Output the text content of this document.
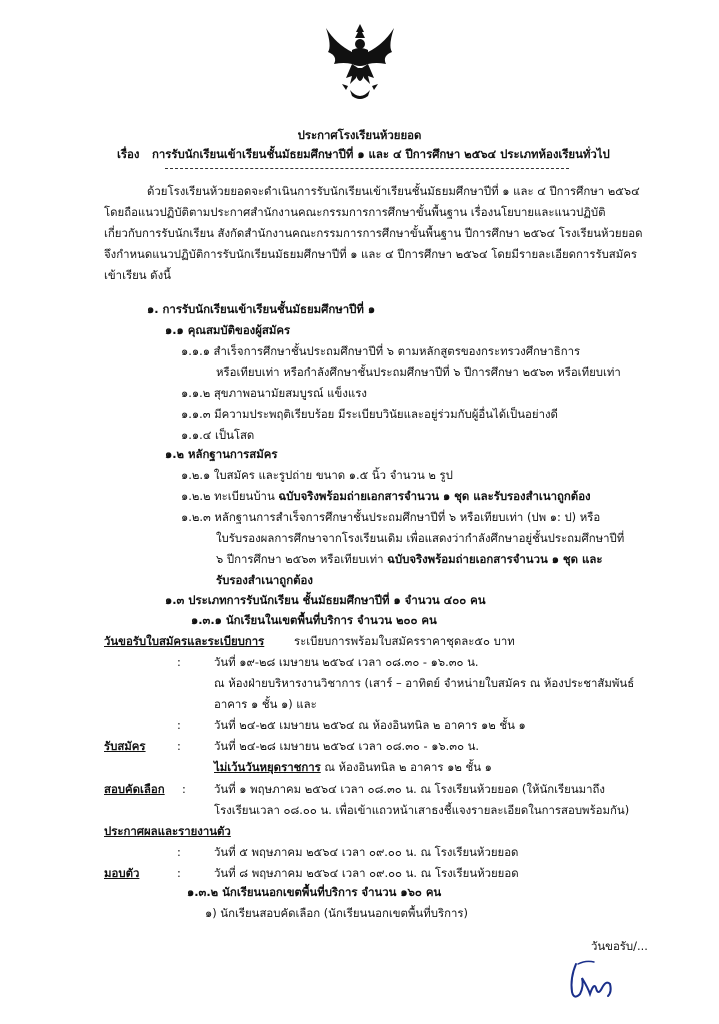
ประกาศโรงเรียนห้วยยอด
เรื่อง การรับนักเรียนเข้าเรียนชั้นมัธยมศึกษาปีที่ ๑ และ ๔ ปีการศึกษา ๒๕๖๔ ประเภทห้องเรียนทั่วไป
ด้วยโรงเรียนห้วยยอดจะดำเนินการรับนักเรียนเข้าเรียนชั้นมัธยมศึกษาปีที่ ๑ และ ๔ ปีการศึกษา ๒๕๖๔
โดยถือแนวปฏิบัติตามประกาศสำนักงานคณะกรรมการการศึกษาขั้นพื้นฐาน เรื่องนโยบายและแนวปฏิบัติ
เกี่ยวกับการรับนักเรียน สังกัดสำนักงานคณะกรรมการการศึกษาขั้นพื้นฐาน ปีการศึกษา ๒๕๖๔ โรงเรียนห้วยยอด
จึงกำหนดแนวปฏิบัติการรับนักเรียนมัธยมศึกษาปีที่ ๑ และ ๔ ปีการศึกษา ๒๕๖๔ โดยมีรายละเอียดการรับสมัคร
เข้าเรียน ดังนี้
๑. การรับนักเรียนเข้าเรียนชั้นมัธยมศึกษาปีที่ ๑
๑.๑ คุณสมบัติของผู้สมัคร
๑.๑.๑ สำเร็จการศึกษาชั้นประถมศึกษาปีที่ ๖ ตามหลักสูตรของกระทรวงศึกษาธิการ
หรือเทียบเท่า หรือกำลังศึกษาชั้นประถมศึกษาปีที่ ๖ ปีการศึกษา ๒๕๖๓ หรือเทียบเท่า
๑.๑.๒ สุขภาพอนามัยสมบูรณ์ แข็งแรง
๑.๑.๓ มีความประพฤติเรียบร้อย มีระเบียบวินัยและอยู่ร่วมกับผู้อื่นได้เป็นอย่างดี
๑.๑.๔ เป็นโสด
๑.๒ หลักฐานการสมัคร
๑.๒.๑ ใบสมัคร และรูปถ่าย ขนาด ๑.๕ นิ้ว จำนวน ๒ รูป
๑.๒.๒ ทะเบียนบ้าน ฉบับจริงพร้อมถ่ายเอกสารจำนวน ๑ ชุด และรับรองสำเนาถูกต้อง
๑.๒.๓ หลักฐานการสำเร็จการศึกษาชั้นประถมศึกษาปีที่ ๖ หรือเทียบเท่า (ปพ ๑: ป) หรือ
ใบรับรองผลการศึกษาจากโรงเรียนเดิม เพื่อแสดงว่ากำลังศึกษาอยู่ชั้นประถมศึกษาปีที่
๖ ปีการศึกษา ๒๕๖๓ หรือเทียบเท่า ฉบับจริงพร้อมถ่ายเอกสารจำนวน ๑ ชุด และ
รับรองสำเนาถูกต้อง
๑.๓ ประเภทการรับนักเรียน ชั้นมัธยมศึกษาปีที่ ๑ จำนวน ๔๐๐ คน
๑.๓.๑ นักเรียนในเขตพื้นที่บริการ จำนวน ๒๐๐ คน
วันขอรับใบสมัครและระเบียบการ	ระเบียบการพร้อมใบสมัครราคาชุดละ๕๐ บาท
:	วันที่ ๑๙-๒๘ เมษายน ๒๕๖๔ เวลา ๐๘.๓๐ - ๑๖.๓๐ น.
ณ ห้องฝ่ายบริหารงานวิชาการ (เสาร์ – อาทิตย์ จำหน่ายใบสมัคร ณ ห้องประชาสัมพันธ์
อาคาร ๑ ชั้น ๑) และ
:	วันที่ ๒๔-๒๕ เมษายน ๒๕๖๔ ณ ห้องอินทนิล ๒ อาคาร ๑๒ ชั้น ๑
รับสมัคร	:	วันที่ ๒๔-๒๘ เมษายน ๒๕๖๔ เวลา ๐๘.๓๐ - ๑๖.๓๐ น.
ไม่เว้นวันหยุดราชการ ณ ห้องอินทนิล ๒ อาคาร ๑๒ ชั้น ๑
สอบคัดเลือก : วันที่ ๑ พฤษภาคม ๒๕๖๔ เวลา ๐๘.๓๐ น. ณ โรงเรียนห้วยยอด (ให้นักเรียนมาถึง
โรงเรียนเวลา ๐๘.๐๐ น. เพื่อเข้าแถวหน้าเสาธงชี้แจงรายละเอียดในการสอบพร้อมกัน)
ประกาศผลและรายงานตัว
:	วันที่ ๕ พฤษภาคม ๒๕๖๔ เวลา ๐๙.๐๐ น. ณ โรงเรียนห้วยยอด
มอบตัว	:	วันที่ ๘ พฤษภาคม ๒๕๖๔ เวลา ๐๙.๐๐ น. ณ โรงเรียนห้วยยอด
๑.๓.๒ นักเรียนนอกเขตพื้นที่บริการ จำนวน ๑๖๐ คน
๑) นักเรียนสอบคัดเลือก (นักเรียนนอกเขตพื้นที่บริการ)
วันขอรับ/...
